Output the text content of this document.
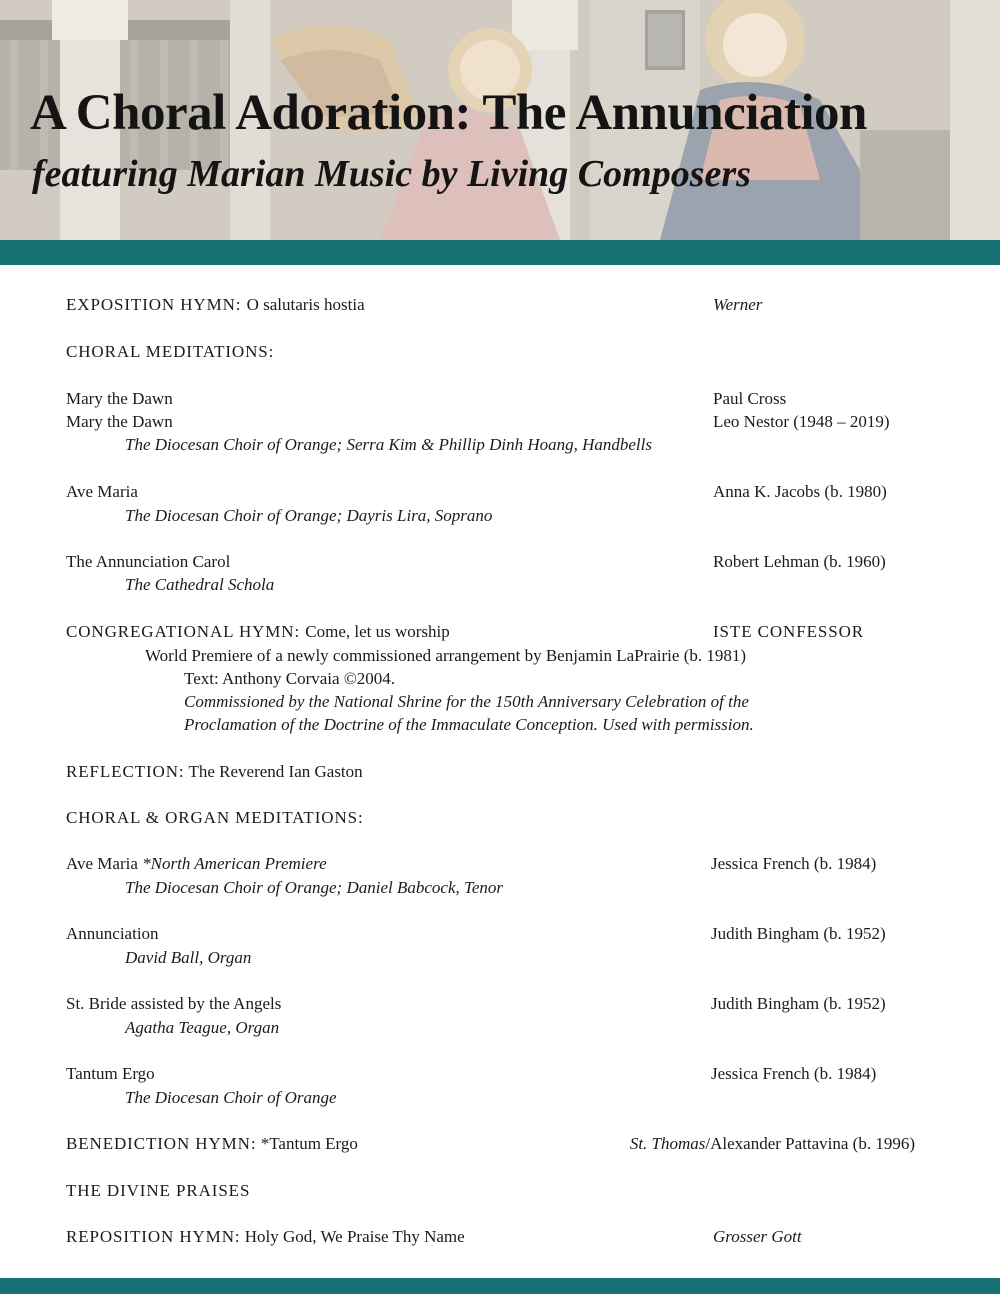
A Choral Adoration: The Annunciation
featuring Marian Music by Living Composers
EXPOSITION HYMN: O salutaris hostia	Werner
CHORAL MEDITATIONS:
Mary the Dawn	Paul Cross
Mary the Dawn	Leo Nestor (1948 – 2019)
The Diocesan Choir of Orange; Serra Kim & Phillip Dinh Hoang, Handbells
Ave Maria	Anna K. Jacobs (b. 1980)
The Diocesan Choir of Orange; Dayris Lira, Soprano
The Annunciation Carol	Robert Lehman (b. 1960)
The Cathedral Schola
CONGREGATIONAL HYMN: Come, let us worship	ISTE CONFESSOR
World Premiere of a newly commissioned arrangement by Benjamin LaPrairie (b. 1981)
Text: Anthony Corvaia ©2004.
Commissioned by the National Shrine for the 150th Anniversary Celebration of the
Proclamation of the Doctrine of the Immaculate Conception. Used with permission.
REFLECTION: The Reverend Ian Gaston
CHORAL & ORGAN MEDITATIONS:
Ave Maria *North American Premiere	Jessica French (b. 1984)
The Diocesan Choir of Orange; Daniel Babcock, Tenor
Annunciation	Judith Bingham (b. 1952)
David Ball, Organ
St. Bride assisted by the Angels	Judith Bingham (b. 1952)
Agatha Teague, Organ
Tantum Ergo	Jessica French (b. 1984)
The Diocesan Choir of Orange
BENEDICTION HYMN: *Tantum Ergo	St. Thomas/Alexander Pattavina (b. 1996)
THE DIVINE PRAISES
REPOSITION HYMN: Holy God, We Praise Thy Name	Grosser Gott
